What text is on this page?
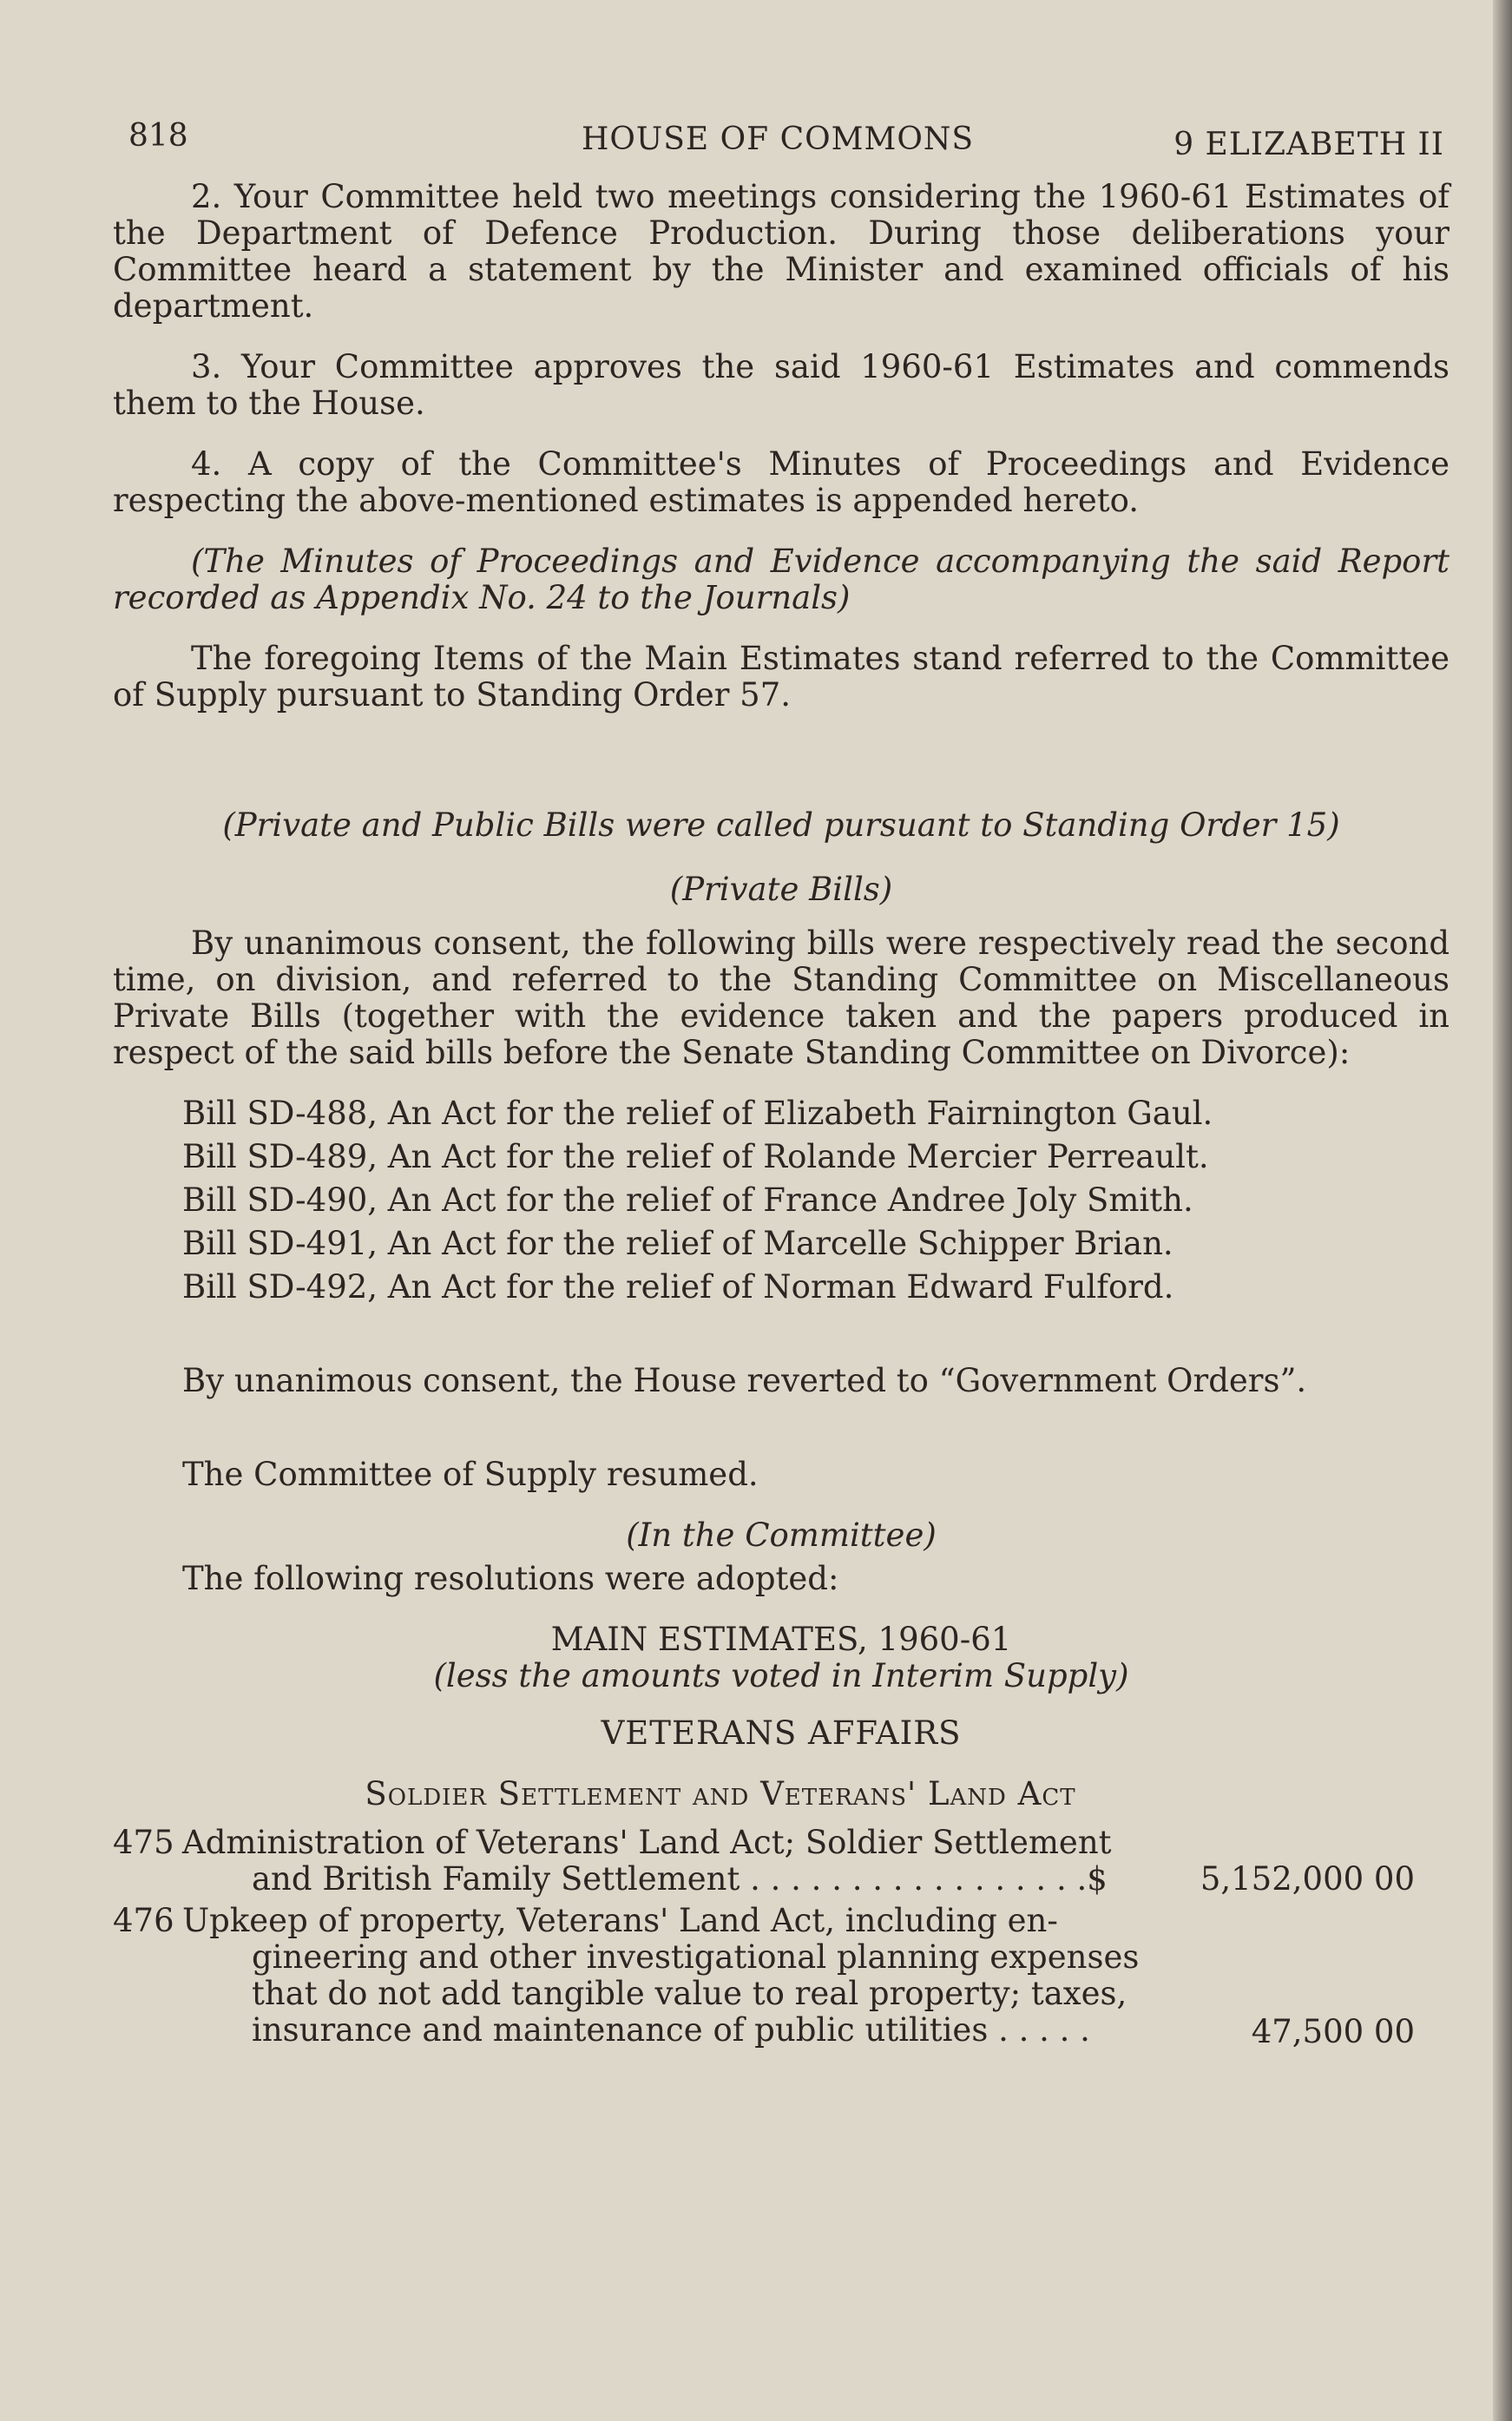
818	HOUSE OF COMMONS	9 ELIZABETH II

2. Your Committee held two meetings considering the 1960-61 Estimates of the Department of Defence Production. During those deliberations your Committee heard a statement by the Minister and examined officials of his department.

3. Your Committee approves the said 1960-61 Estimates and commends them to the House.

4. A copy of the Committee's Minutes of Proceedings and Evidence respecting the above-mentioned estimates is appended hereto.

(The Minutes of Proceedings and Evidence accompanying the said Report recorded as Appendix No. 24 to the Journals)

The foregoing Items of the Main Estimates stand referred to the Committee of Supply pursuant to Standing Order 57.

(Private and Public Bills were called pursuant to Standing Order 15)

(Private Bills)

By unanimous consent, the following bills were respectively read the second time, on division, and referred to the Standing Committee on Miscellaneous Private Bills (together with the evidence taken and the papers produced in respect of the said bills before the Senate Standing Committee on Divorce):

Bill SD-488, An Act for the relief of Elizabeth Fairnington Gaul.

Bill SD-489, An Act for the relief of Rolande Mercier Perreault.

Bill SD-490, An Act for the relief of France Andree Joly Smith.

Bill SD-491, An Act for the relief of Marcelle Schipper Brian.

Bill SD-492, An Act for the relief of Norman Edward Fulford.

By unanimous consent, the House reverted to “Government Orders”.

The Committee of Supply resumed.

(In the Committee)

The following resolutions were adopted:

MAIN ESTIMATES, 1960-61

(less the amounts voted in Interim Supply)

VETERANS AFFAIRS

Soldier Settlement and Veterans' Land Act

475 Administration of Veterans' Land Act; Soldier Settlement
and British Family Settlement . . . . . . . . . . . . . . . . .$	5,152,000 00
476 Upkeep of property, Veterans' Land Act, including en-
gineering and other investigational planning expenses
that do not add tangible value to real property; taxes,
insurance and maintenance of public utilities . . . . .	47,500 00
